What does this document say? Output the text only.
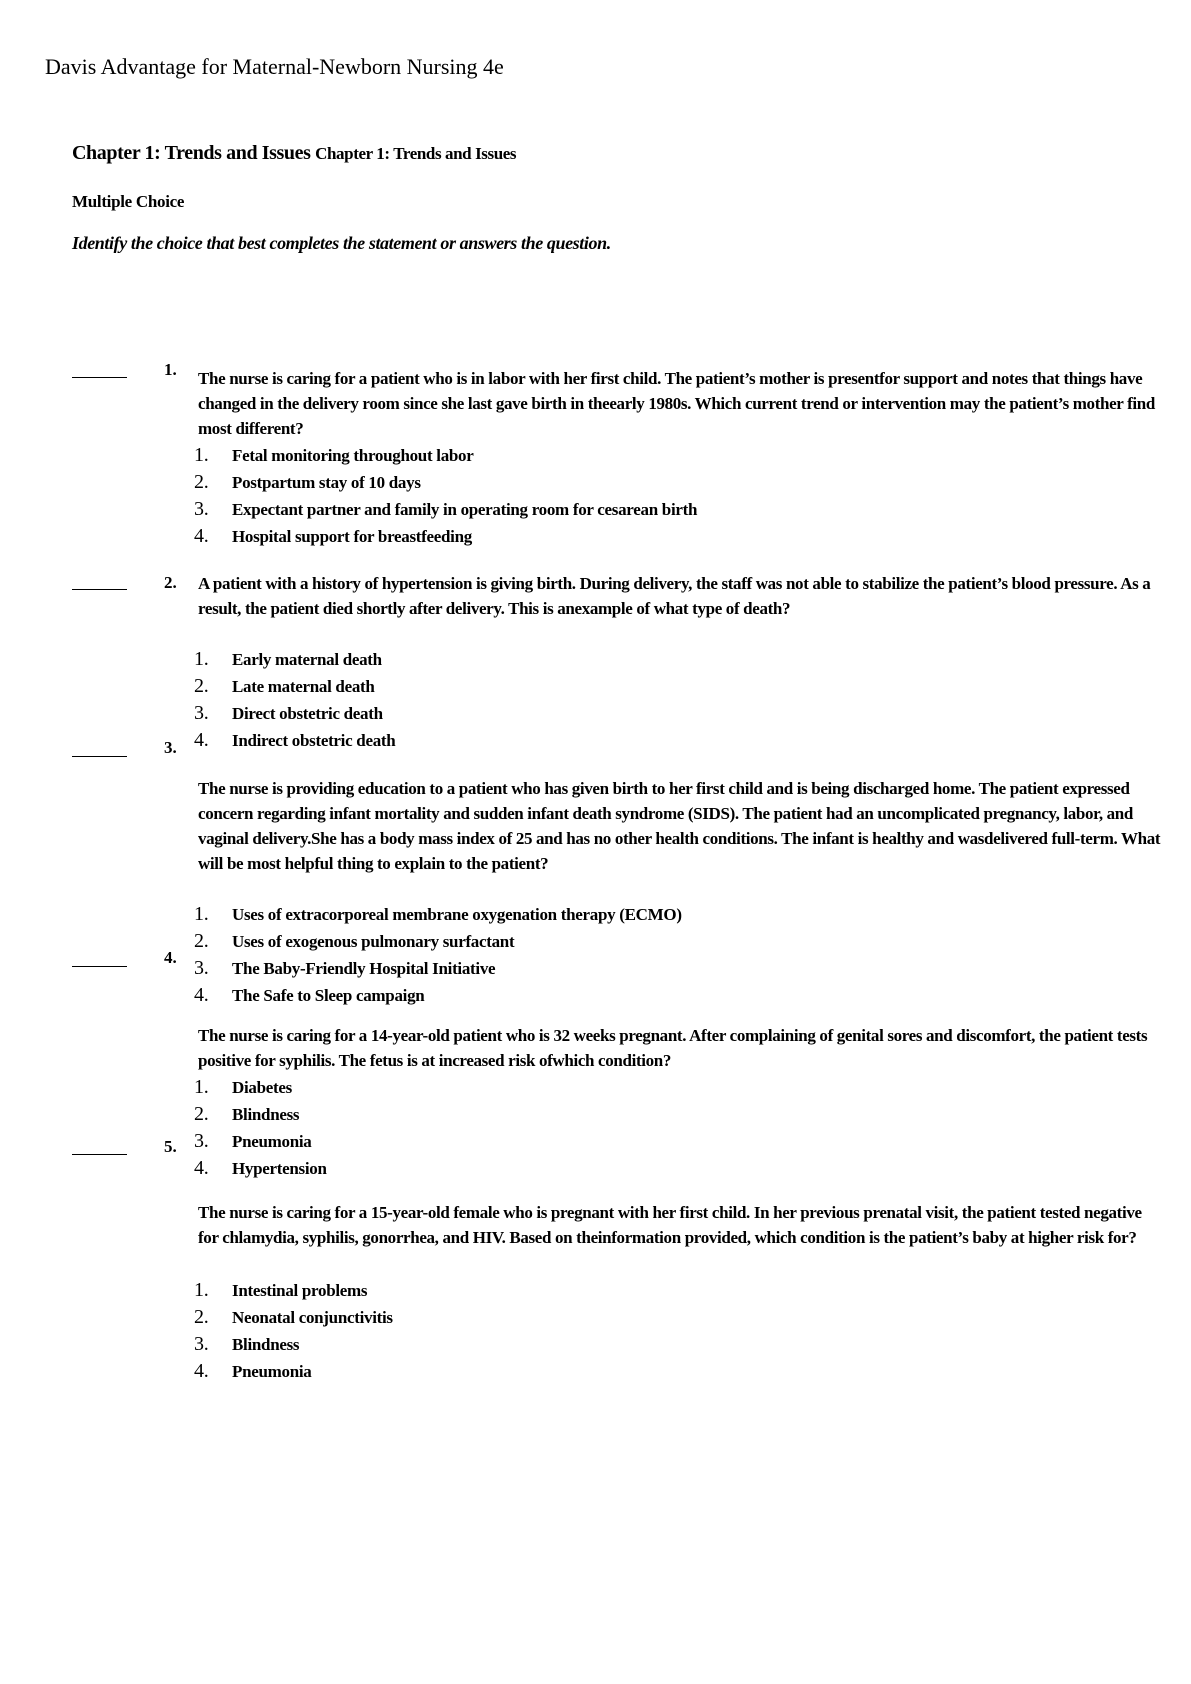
Davis Advantage for Maternal-Newborn Nursing 4e
Chapter 1: Trends and Issues Chapter 1: Trends and Issues
Multiple Choice
Identify the choice that best completes the statement or answers the question.
1. The nurse is caring for a patient who is in labor with her first child. The patient’s mother is presentfor support and notes that things have changed in the delivery room since she last gave birth in theearly 1980s. Which current trend or intervention may the patient’s mother find most different?
1. Fetal monitoring throughout labor
2. Postpartum stay of 10 days
3. Expectant partner and family in operating room for cesarean birth
4. Hospital support for breastfeeding
2. A patient with a history of hypertension is giving birth. During delivery, the staff was not able to stabilize the patient’s blood pressure. As a result, the patient died shortly after delivery. This is anexample of what type of death?
1. Early maternal death
2. Late maternal death
3. Direct obstetric death
4. Indirect obstetric death
3.
The nurse is providing education to a patient who has given birth to her first child and is being discharged home. The patient expressed concern regarding infant mortality and sudden infant death syndrome (SIDS). The patient had an uncomplicated pregnancy, labor, and vaginal delivery.She has a body mass index of 25 and has no other health conditions. The infant is healthy and wasdelivered full-term. What will be most helpful thing to explain to the patient?
1. Uses of extracorporeal membrane oxygenation therapy (ECMO)
2. Uses of exogenous pulmonary surfactant
3. The Baby-Friendly Hospital Initiative
4. The Safe to Sleep campaign
4.
The nurse is caring for a 14-year-old patient who is 32 weeks pregnant. After complaining of genital sores and discomfort, the patient tests positive for syphilis. The fetus is at increased risk ofwhich condition?
1. Diabetes
2. Blindness
3. Pneumonia
4. Hypertension
5.
The nurse is caring for a 15-year-old female who is pregnant with her first child. In her previous prenatal visit, the patient tested negative for chlamydia, syphilis, gonorrhea, and HIV. Based on theinformation provided, which condition is the patient’s baby at higher risk for?
1. Intestinal problems
2. Neonatal conjunctivitis
3. Blindness
4. Pneumonia
